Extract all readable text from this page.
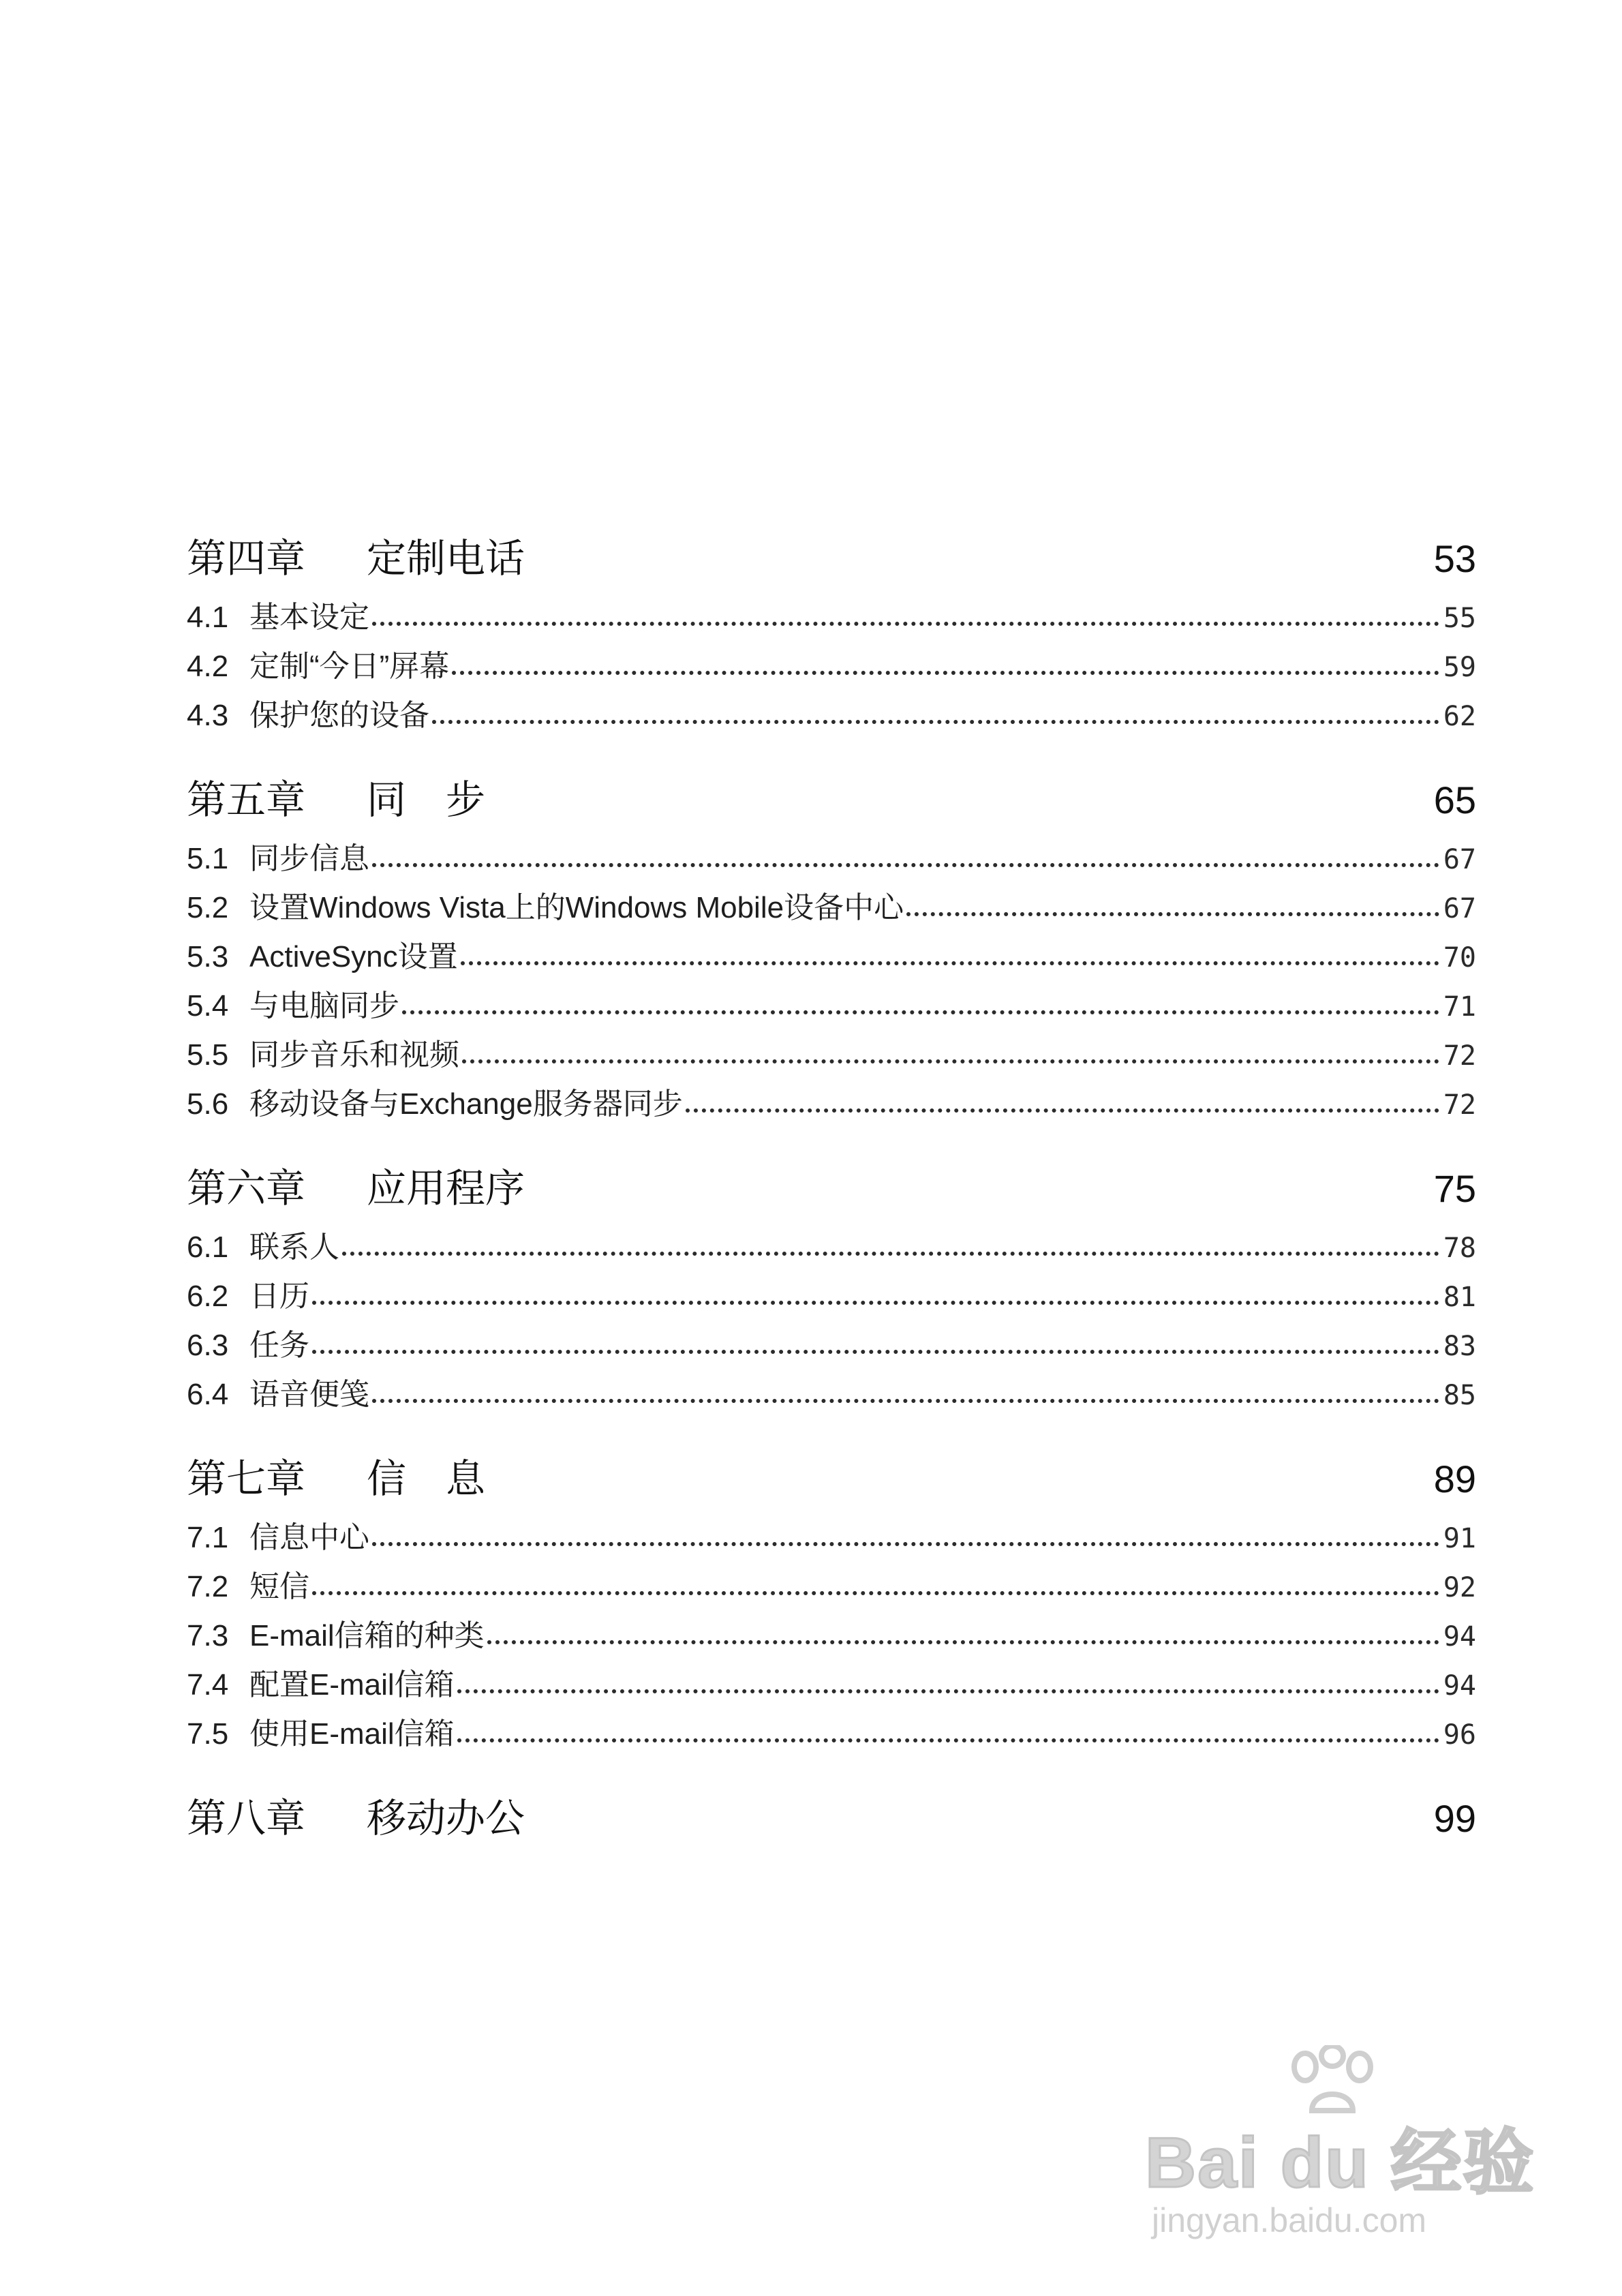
第四章 定制电话	53
4.1 基本设定	55
4.2 定制“今日”屏幕	59
4.3 保护您的设备	62
第五章 同　步	65
5.1 同步信息	67
5.2 设置Windows Vista上的Windows Mobile设备中心	67
5.3 ActiveSync设置	70
5.4 与电脑同步	71
5.5 同步音乐和视频	72
5.6 移动设备与Exchange服务器同步	72
第六章 应用程序	75
6.1 联系人	78
6.2 日历	81
6.3 任务	83
6.4 语音便笺	85
第七章 信　息	89
7.1 信息中心	91
7.2 短信	92
7.3 E-mail信箱的种类	94
7.4 配置E-mail信箱	94
7.5 使用E-mail信箱	96
第八章 移动办公	99
Bai du 经验
jingyan.baidu.com
